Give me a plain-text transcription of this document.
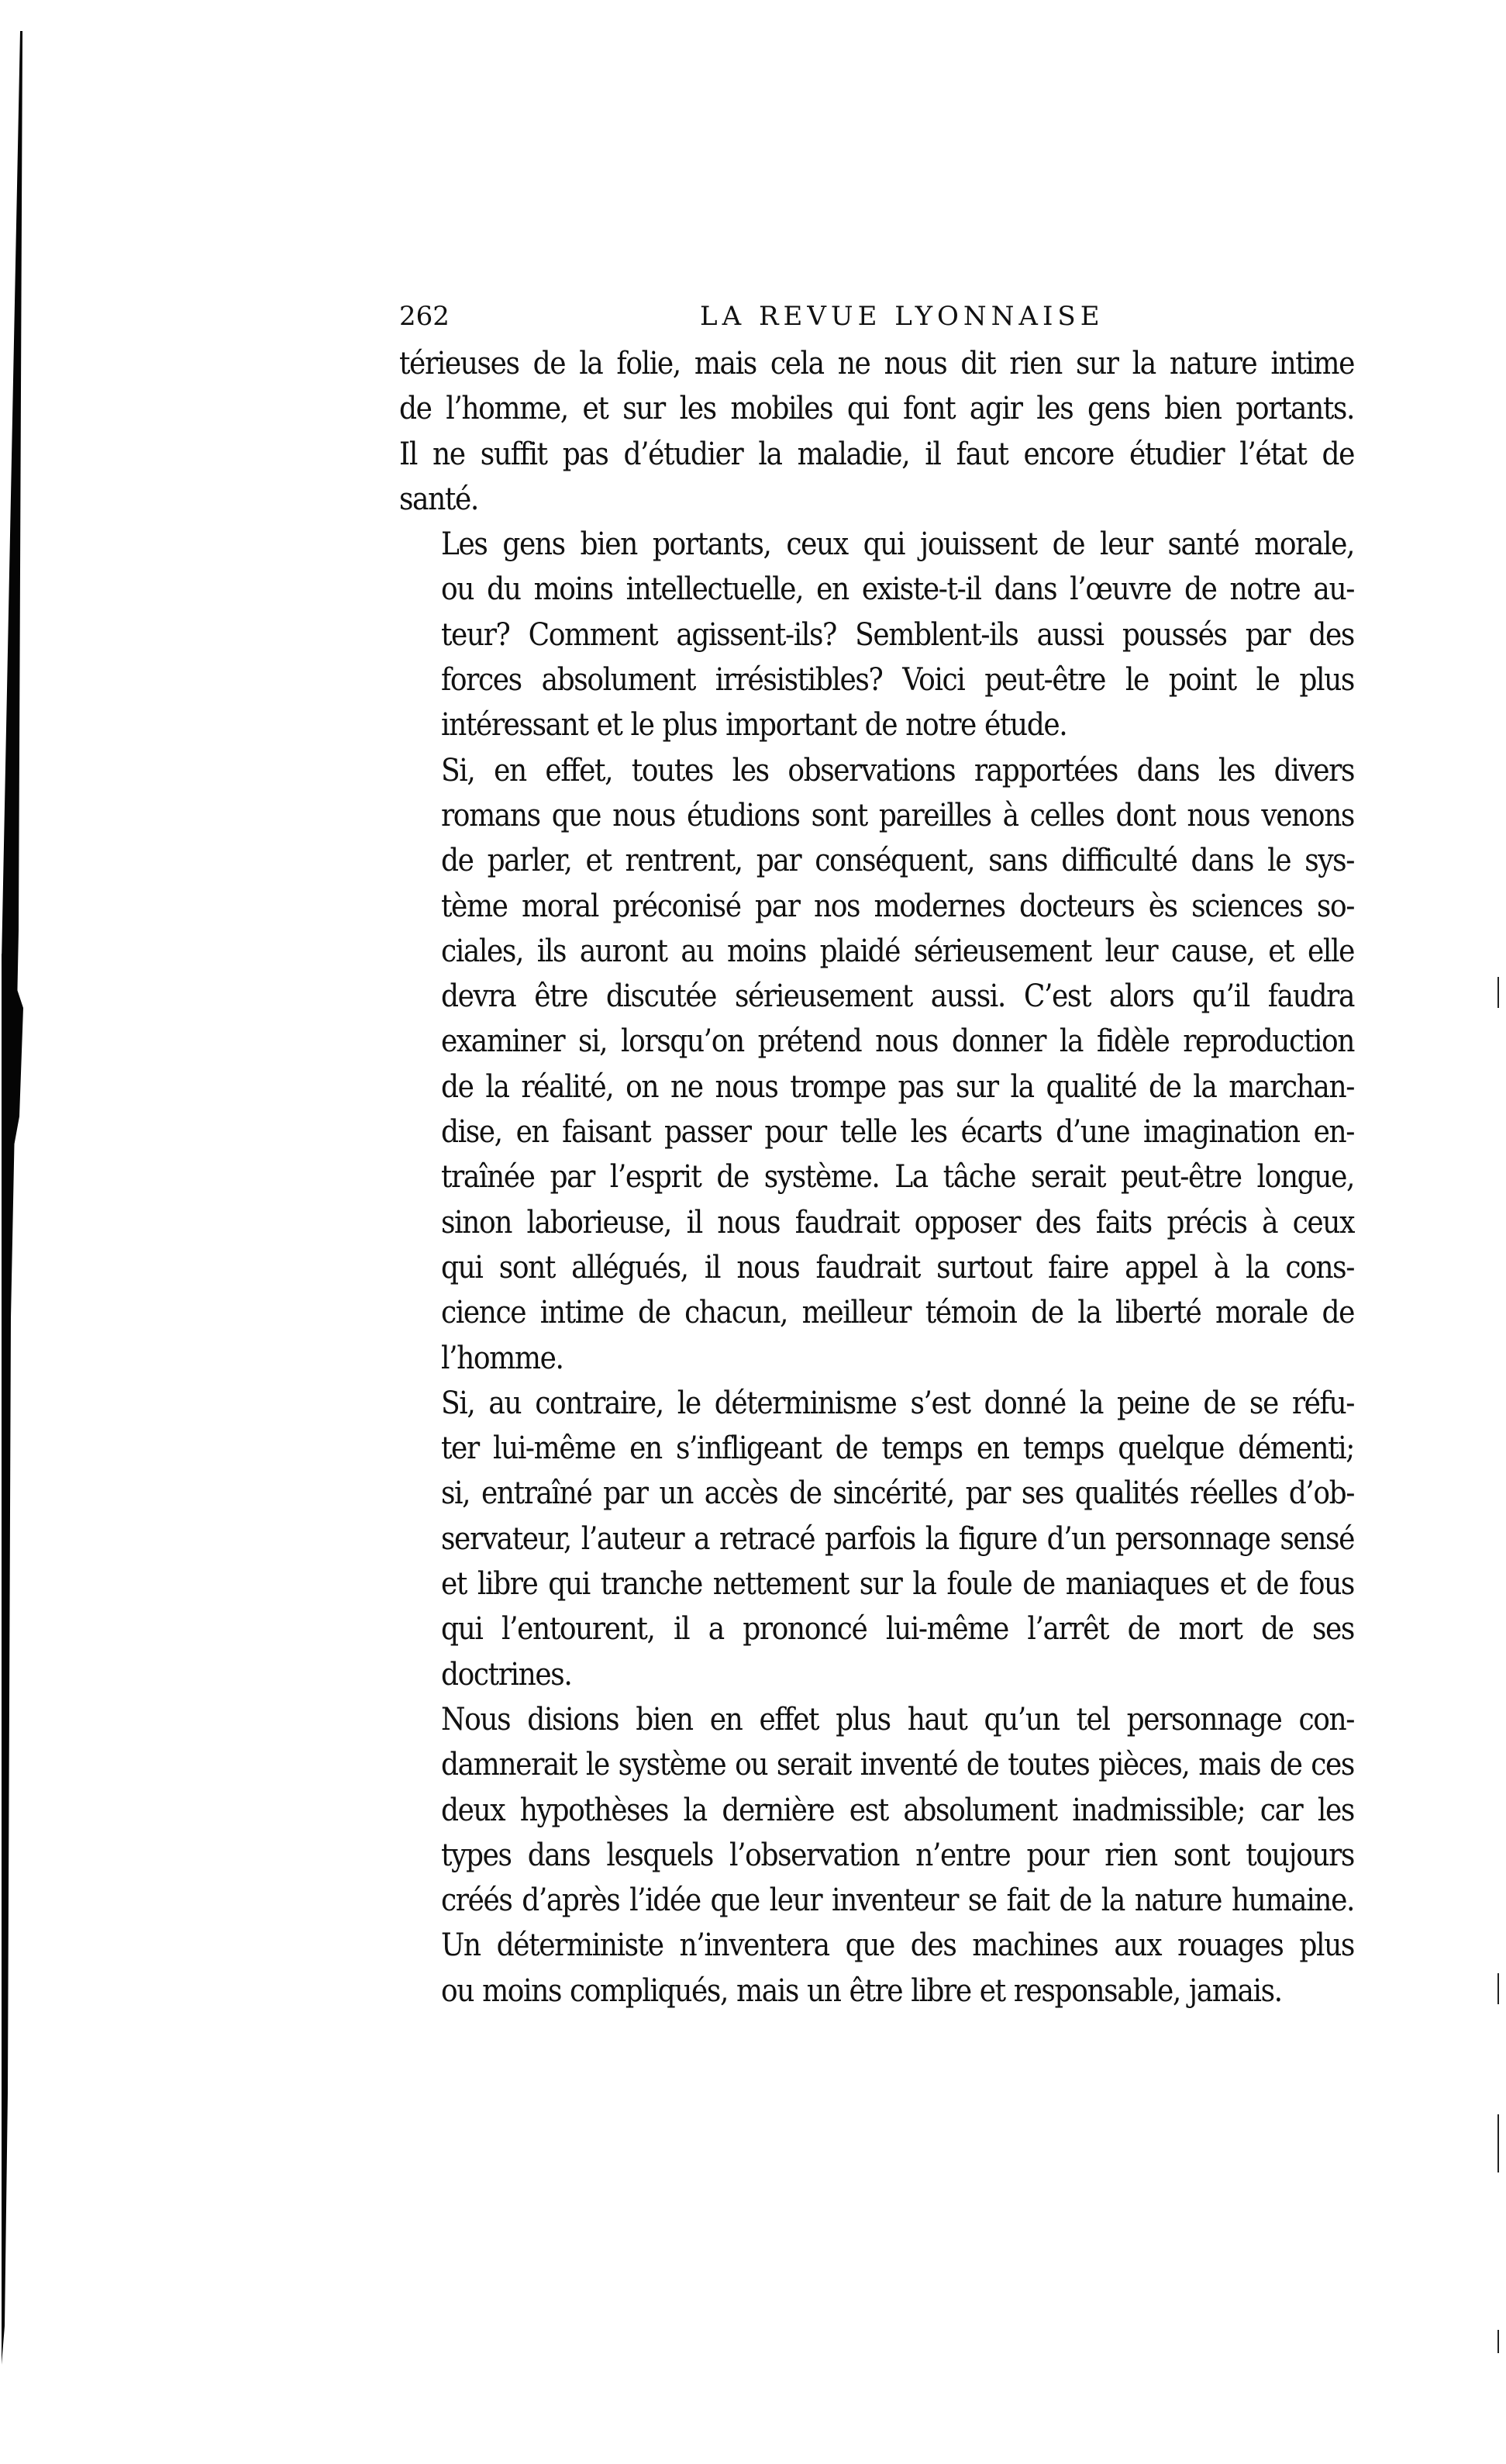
262	LA REVUE LYONNAISE

térieuses de la folie, mais cela ne nous dit rien sur la nature intime
de l’homme, et sur les mobiles qui font agir les gens bien portants.
Il ne suffit pas d’étudier la maladie, il faut encore étudier l’état de
santé.

Les gens bien portants, ceux qui jouissent de leur santé morale,
ou du moins intellectuelle, en existe-t-il dans l’œuvre de notre au-
teur? Comment agissent-ils? Semblent-ils aussi poussés par des
forces absolument irrésistibles? Voici peut-être le point le plus
intéressant et le plus important de notre étude.

Si, en effet, toutes les observations rapportées dans les divers
romans que nous étudions sont pareilles à celles dont nous venons
de parler, et rentrent, par conséquent, sans difficulté dans le sys-
tème moral préconisé par nos modernes docteurs ès sciences so-
ciales, ils auront au moins plaidé sérieusement leur cause, et elle
devra être discutée sérieusement aussi. C’est alors qu’il faudra
examiner si, lorsqu’on prétend nous donner la fidèle reproduction
de la réalité, on ne nous trompe pas sur la qualité de la marchan-
dise, en faisant passer pour telle les écarts d’une imagination en-
traînée par l’esprit de système. La tâche serait peut-être longue,
sinon laborieuse, il nous faudrait opposer des faits précis à ceux
qui sont allégués, il nous faudrait surtout faire appel à la cons-
cience intime de chacun, meilleur témoin de la liberté morale de
l’homme.

Si, au contraire, le déterminisme s’est donné la peine de se réfu-
ter lui-même en s’infligeant de temps en temps quelque démenti;
si, entraîné par un accès de sincérité, par ses qualités réelles d’ob-
servateur, l’auteur a retracé parfois la figure d’un personnage sensé
et libre qui tranche nettement sur la foule de maniaques et de fous
qui l’entourent, il a prononcé lui-même l’arrêt de mort de ses
doctrines.

Nous disions bien en effet plus haut qu’un tel personnage con-
damnerait le système ou serait inventé de toutes pièces, mais de ces
deux hypothèses la dernière est absolument inadmissible; car les
types dans lesquels l’observation n’entre pour rien sont toujours
créés d’après l’idée que leur inventeur se fait de la nature humaine.
Un déterministe n’inventera que des machines aux rouages plus
ou moins compliqués, mais un être libre et responsable, jamais.
